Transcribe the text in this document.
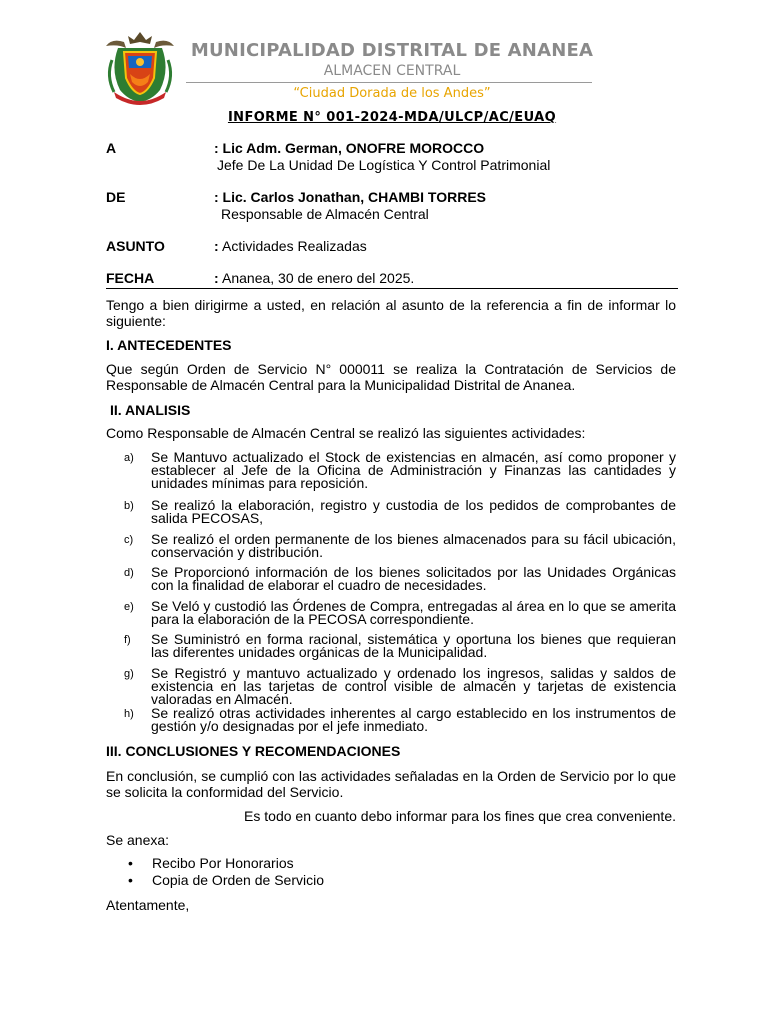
MUNICIPALIDAD DISTRITAL DE ANANEA
ALMACEN CENTRAL
“Ciudad Dorada de los Andes”
INFORME N° 001-2024-MDA/ULCP/AC/EUAQ
A	: Lic Adm. German, ONOFRE MOROCCO
Jefe De La Unidad De Logística Y Control Patrimonial
DE	: Lic. Carlos Jonathan, CHAMBI TORRES
Responsable de Almacén Central
ASUNTO	: Actividades Realizadas
FECHA	: Ananea, 30 de enero del 2025.
Tengo a bien dirigirme a usted, en relación al asunto de la referencia a fin de informar lo siguiente:
I. ANTECEDENTES
Que según Orden de Servicio N° 000011 se realiza la Contratación de Servicios de Responsable de Almacén Central para la Municipalidad Distrital de Ananea.
II. ANALISIS
Como Responsable de Almacén Central se realizó las siguientes actividades:
a) Se Mantuvo actualizado el Stock de existencias en almacén, así como proponer y establecer al Jefe de la Oficina de Administración y Finanzas las cantidades y unidades mínimas para reposición.
b) Se realizó la elaboración, registro y custodia de los pedidos de comprobantes de salida PECOSAS,
c) Se realizó el orden permanente de los bienes almacenados para su fácil ubicación, conservación y distribución.
d) Se Proporcionó información de los bienes solicitados por las Unidades Orgánicas con la finalidad de elaborar el cuadro de necesidades.
e) Se Veló y custodió las Órdenes de Compra, entregadas al área en lo que se amerita para la elaboración de la PECOSA correspondiente.
f) Se Suministró en forma racional, sistemática y oportuna los bienes que requieran las diferentes unidades orgánicas de la Municipalidad.
g) Se Registró y mantuvo actualizado y ordenado los ingresos, salidas y saldos de existencia en las tarjetas de control visible de almacén y tarjetas de existencia valoradas en Almacén.
h) Se realizó otras actividades inherentes al cargo establecido en los instrumentos de gestión y/o designadas por el jefe inmediato.
III. CONCLUSIONES Y RECOMENDACIONES
En conclusión, se cumplió con las actividades señaladas en la Orden de Servicio por lo que se solicita la conformidad del Servicio.
Es todo en cuanto debo informar para los fines que crea conveniente.
Se anexa:
• Recibo Por Honorarios
• Copia de Orden de Servicio
Atentamente,
